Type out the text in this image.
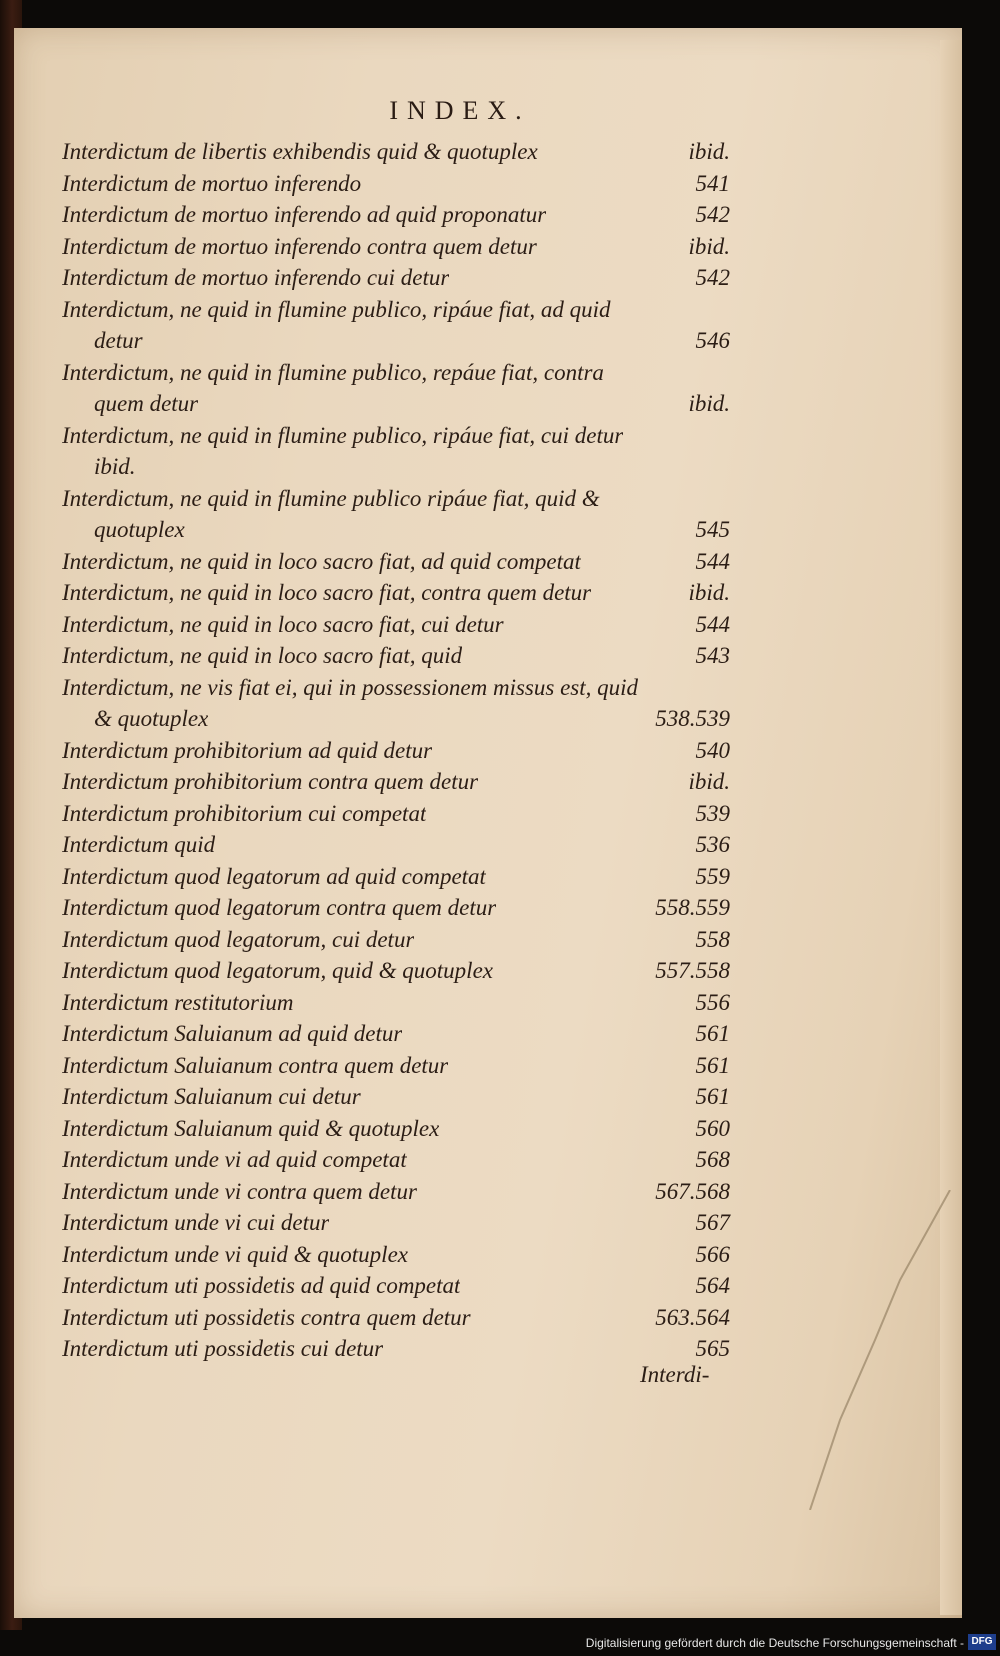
INDEX.
Interdictum de libertis exhibendis quid & quotuplex	ibid.
Interdictum de mortuo inferendo	541
Interdictum de mortuo inferendo ad quid proponatur	542
Interdictum de mortuo inferendo contra quem detur	ibid.
Interdictum de mortuo inferendo cui detur	542
Interdictum, ne quid in flumine publico, ripáue fiat, ad quid
detur	546
Interdictum, ne quid in flumine publico, repáue fiat, contra
quem detur	ibid.
Interdictum, ne quid in flumine publico, ripáue fiat, cui detur
ibid.
Interdictum, ne quid in flumine publico ripáue fiat, quid &
quotuplex	545
Interdictum, ne quid in loco sacro fiat, ad quid competat	544
Interdictum, ne quid in loco sacro fiat, contra quem detur	ibid.
Interdictum, ne quid in loco sacro fiat, cui detur	544
Interdictum, ne quid in loco sacro fiat, quid	543
Interdictum, ne vis fiat ei, qui in possessionem missus est, quid
& quotuplex	538.539
Interdictum prohibitorium ad quid detur	540
Interdictum prohibitorium contra quem detur	ibid.
Interdictum prohibitorium cui competat	539
Interdictum quid	536
Interdictum quod legatorum ad quid competat	559
Interdictum quod legatorum contra quem detur	558.559
Interdictum quod legatorum, cui detur	558
Interdictum quod legatorum, quid & quotuplex	557.558
Interdictum restitutorium	556
Interdictum Saluianum ad quid detur	561
Interdictum Saluianum contra quem detur	561
Interdictum Saluianum cui detur	561
Interdictum Saluianum quid & quotuplex	560
Interdictum unde vi ad quid competat	568
Interdictum unde vi contra quem detur	567.568
Interdictum unde vi cui detur	567
Interdictum unde vi quid & quotuplex	566
Interdictum uti possidetis ad quid competat	564
Interdictum uti possidetis contra quem detur	563.564
Interdictum uti possidetis cui detur	565
Interdi-
Digitalisierung gefördert durch die Deutsche Forschungsgemeinschaft - DFG
